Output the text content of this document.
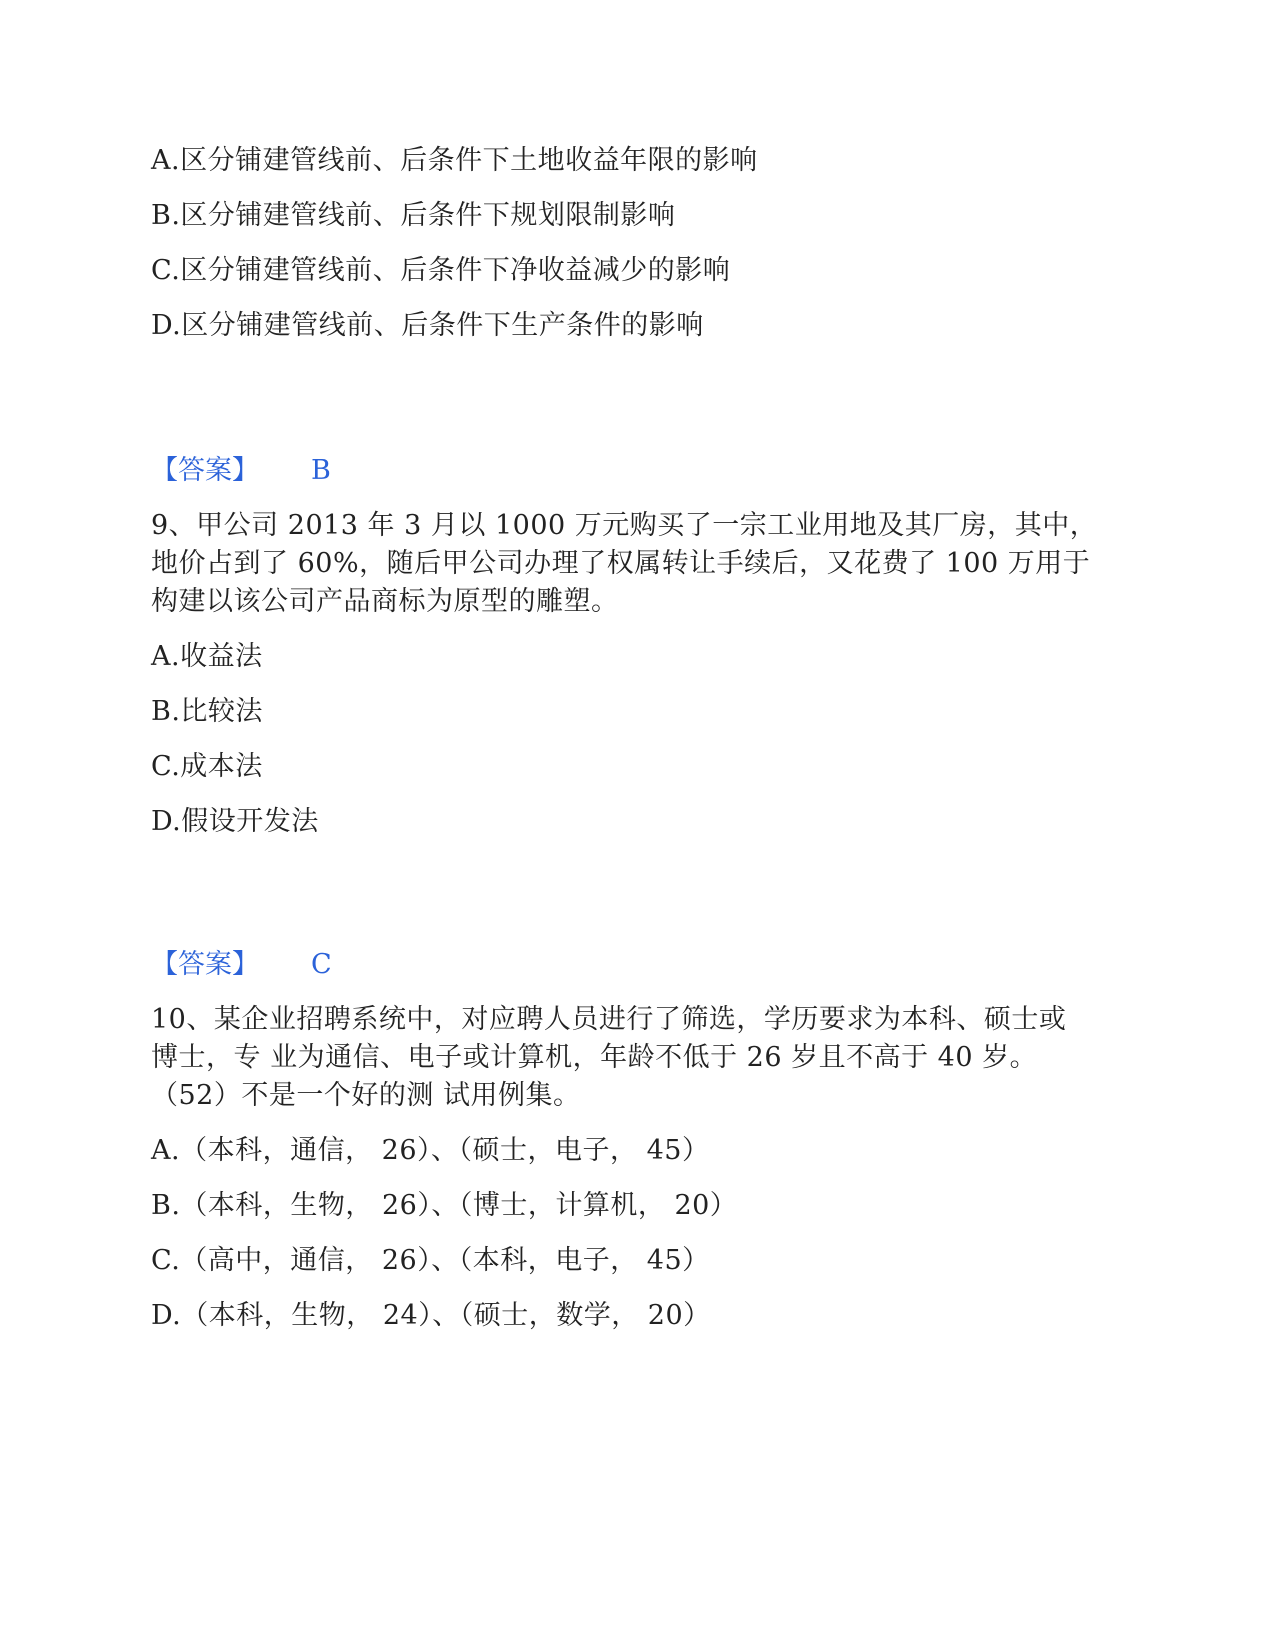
A.区分铺建管线前、后条件下土地收益年限的影响
B.区分铺建管线前、后条件下规划限制影响
C.区分铺建管线前、后条件下净收益减少的影响
D.区分铺建管线前、后条件下生产条件的影响
【答案】 B
9、甲公司 2013 年 3 月以 1000 万元购买了一宗工业用地及其厂房，其中，
地价占到了 60%，随后甲公司办理了权属转让手续后，又花费了 100 万用于
构建以该公司产品商标为原型的雕塑。
A.收益法
B.比较法
C.成本法
D.假设开发法
【答案】 C
10、某企业招聘系统中，对应聘人员进行了筛选，学历要求为本科、硕士或
博士，专 业为通信、电子或计算机，年龄不低于 26 岁且不高于 40 岁。
（52）不是一个好的测 试用例集。
A.（本科，通信， 26）、（硕士，电子， 45）
B.（本科，生物， 26）、（博士，计算机， 20）
C.（高中，通信， 26）、（本科，电子， 45）
D.（本科，生物， 24）、（硕士，数学， 20）
